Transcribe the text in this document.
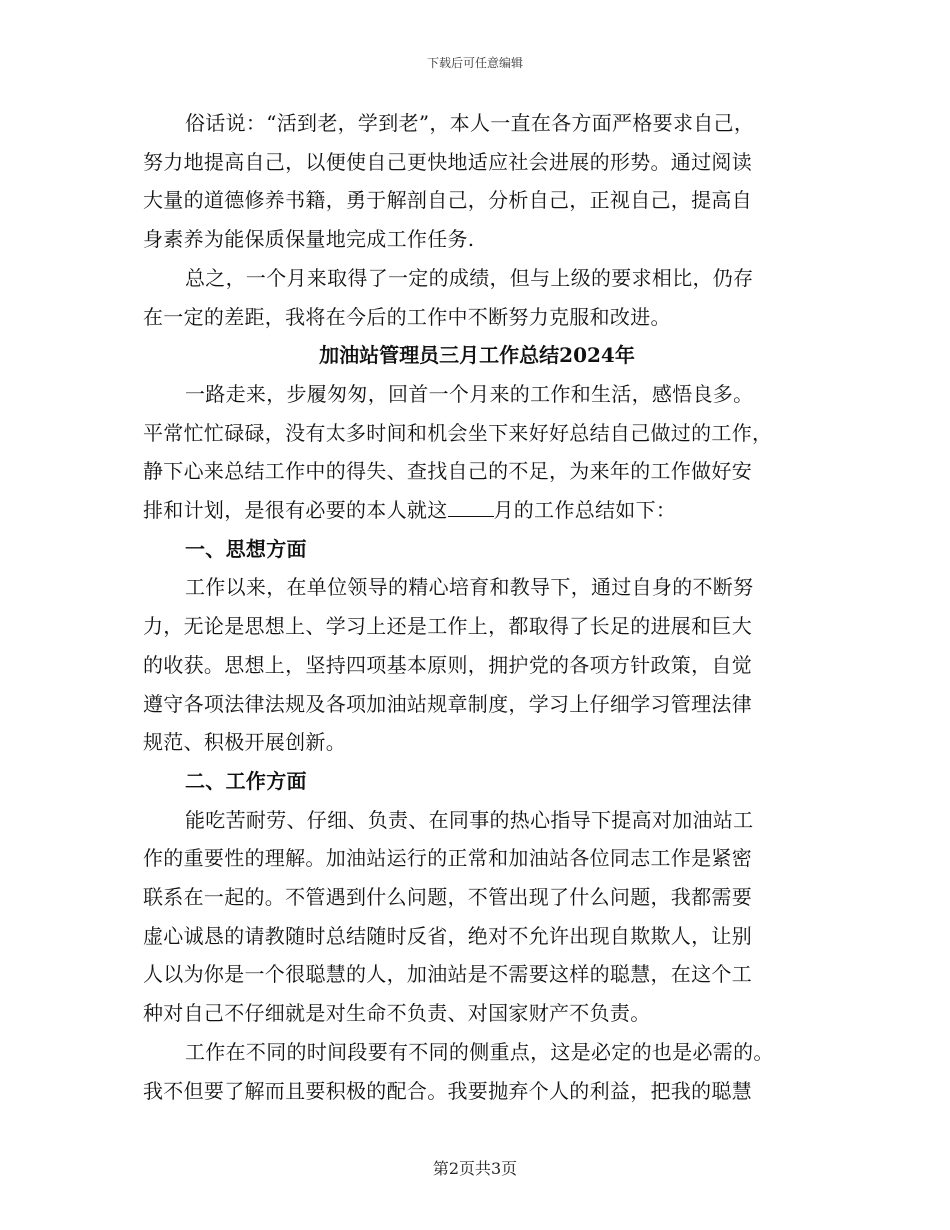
下载后可任意编辑
俗话说：“活到老，学到老”，本人一直在各方面严格要求自己，
努力地提高自己，以便使自己更快地适应社会进展的形势。通过阅读
大量的道德修养书籍，勇于解剖自己，分析自己，正视自己，提高自
身素养为能保质保量地完成工作任务.
总之，一个月来取得了一定的成绩，但与上级的要求相比，仍存
在一定的差距，我将在今后的工作中不断努力克服和改进。
加油站管理员三月工作总结2024年
一路走来，步履匆匆，回首一个月来的工作和生活，感悟良多。
平常忙忙碌碌，没有太多时间和机会坐下来好好总结自己做过的工作，
静下心来总结工作中的得失、查找自己的不足，为来年的工作做好安
排和计划，是很有必要的本人就这 月的工作总结如下：
一、思想方面
工作以来，在单位领导的精心培育和教导下，通过自身的不断努
力，无论是思想上、学习上还是工作上，都取得了长足的进展和巨大
的收获。思想上，坚持四项基本原则，拥护党的各项方针政策，自觉
遵守各项法律法规及各项加油站规章制度，学习上仔细学习管理法律
规范、积极开展创新。
二、工作方面
能吃苦耐劳、仔细、负责、在同事的热心指导下提高对加油站工
作的重要性的理解。加油站运行的正常和加油站各位同志工作是紧密
联系在一起的。不管遇到什么问题，不管出现了什么问题，我都需要
虚心诚恳的请教随时总结随时反省，绝对不允许出现自欺欺人，让别
人以为你是一个很聪慧的人，加油站是不需要这样的聪慧，在这个工
种对自己不仔细就是对生命不负责、对国家财产不负责。
工作在不同的时间段要有不同的侧重点，这是必定的也是必需的。
我不但要了解而且要积极的配合。我要抛弃个人的利益，把我的聪慧
第2页共3页
